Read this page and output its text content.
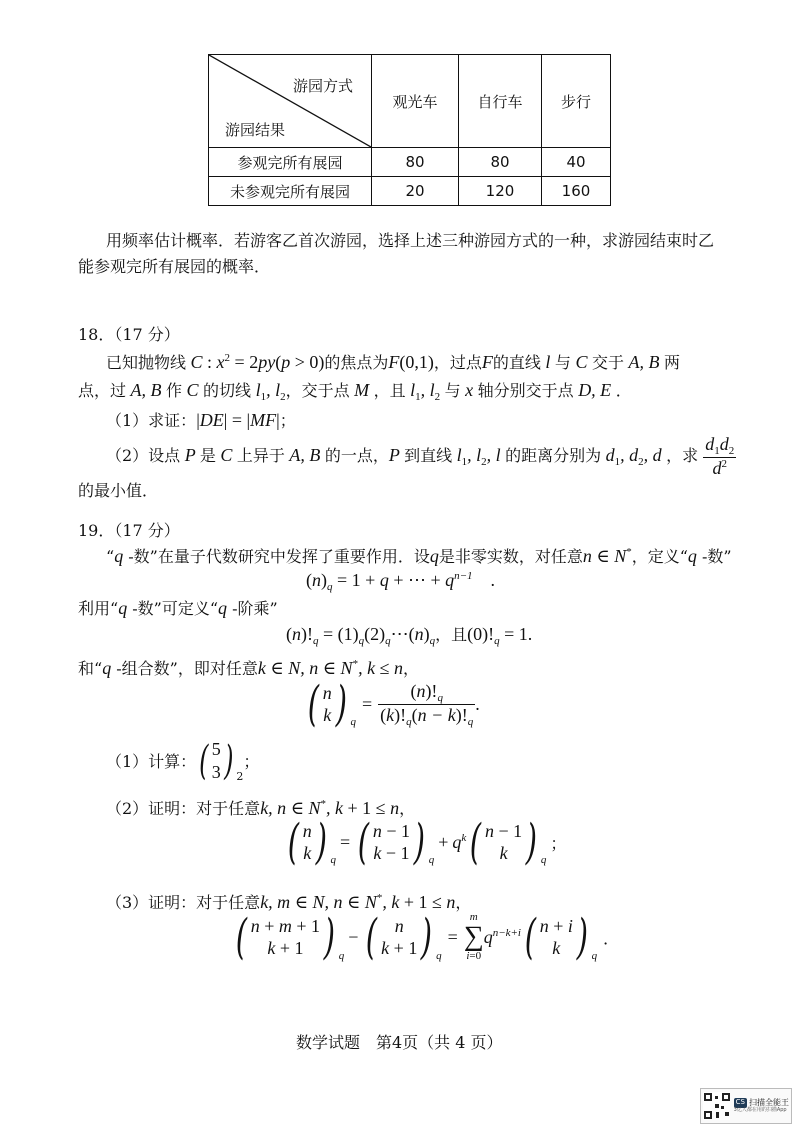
游园方式
游园结果	观光车	自行车	步行
参观完所有展园	80	80	40
未参观完所有展园	20	120	160
用频率估计概率．若游客乙首次游园，选择上述三种游园方式的一种，求游园结束时乙
能参观完所有展园的概率．
18．（17 分）
已知抛物线 C : $x^2 = 2py(p > 0)$的焦点为F(0,1)，过点F的直线 l 与 C 交于 A, B 两
点，过 A, B 作 C 的切线 $l_1$, $l_2$，交于点 M ，且 $l_1$, $l_2$ 与 x 轴分别交于点 D, E ．
（1）求证：|DE| = |MF|；
（2）设点 P 是 C 上异于 A, B 的一点，P 到直线 $l_1$, $l_2$, l 的距离分别为 $d_1$, $d_2$, d ，求 $\frac{d_1d_2}{d^2}$
的最小值．
19．（17 分）
“q -数”在量子代数研究中发挥了重要作用．设q是非零实数，对任意n ∈ N*，定义“q -数”
$(n)_q = 1 + q$ + ⋯ + $q^{n-1}$　.
利用“q -数”可定义“q -阶乘”
$(n)!_q$ = $(1)_q(2)_q\cdots(n)_q$，且$(0)!_q = 1$.
和“q -组合数”，即对任意k ∈ N, n ∈ N*, k ≤ n，
( n
k ) $_q$
= $\frac{(n)!_q}{(k)!_q(n - k)!_q}$ .
（1）计算： ( 5
3 ) $_2$
；
（2）证明：对于任意k, n ∈ N*, k + 1 ≤ n，
( n
k ) $_q$
= ( n − 1
k − 1 ) $_q$
+ $q^k$ ( n − 1
k ) $_q$
；
（3）证明：对于任意k, m ∈ N, n ∈ N*, k + 1 ≤ n，
( n + m + 1
k + 1 ) $_q$
− ( n
k + 1 ) $_q$
=
m
∑
i=0
$q^{n-k+i}$ ( n + i
k ) $_q$
．
数学试题　第4页（共 4 页）
CS 扫描全能王
3亿人都在用的扫描App
